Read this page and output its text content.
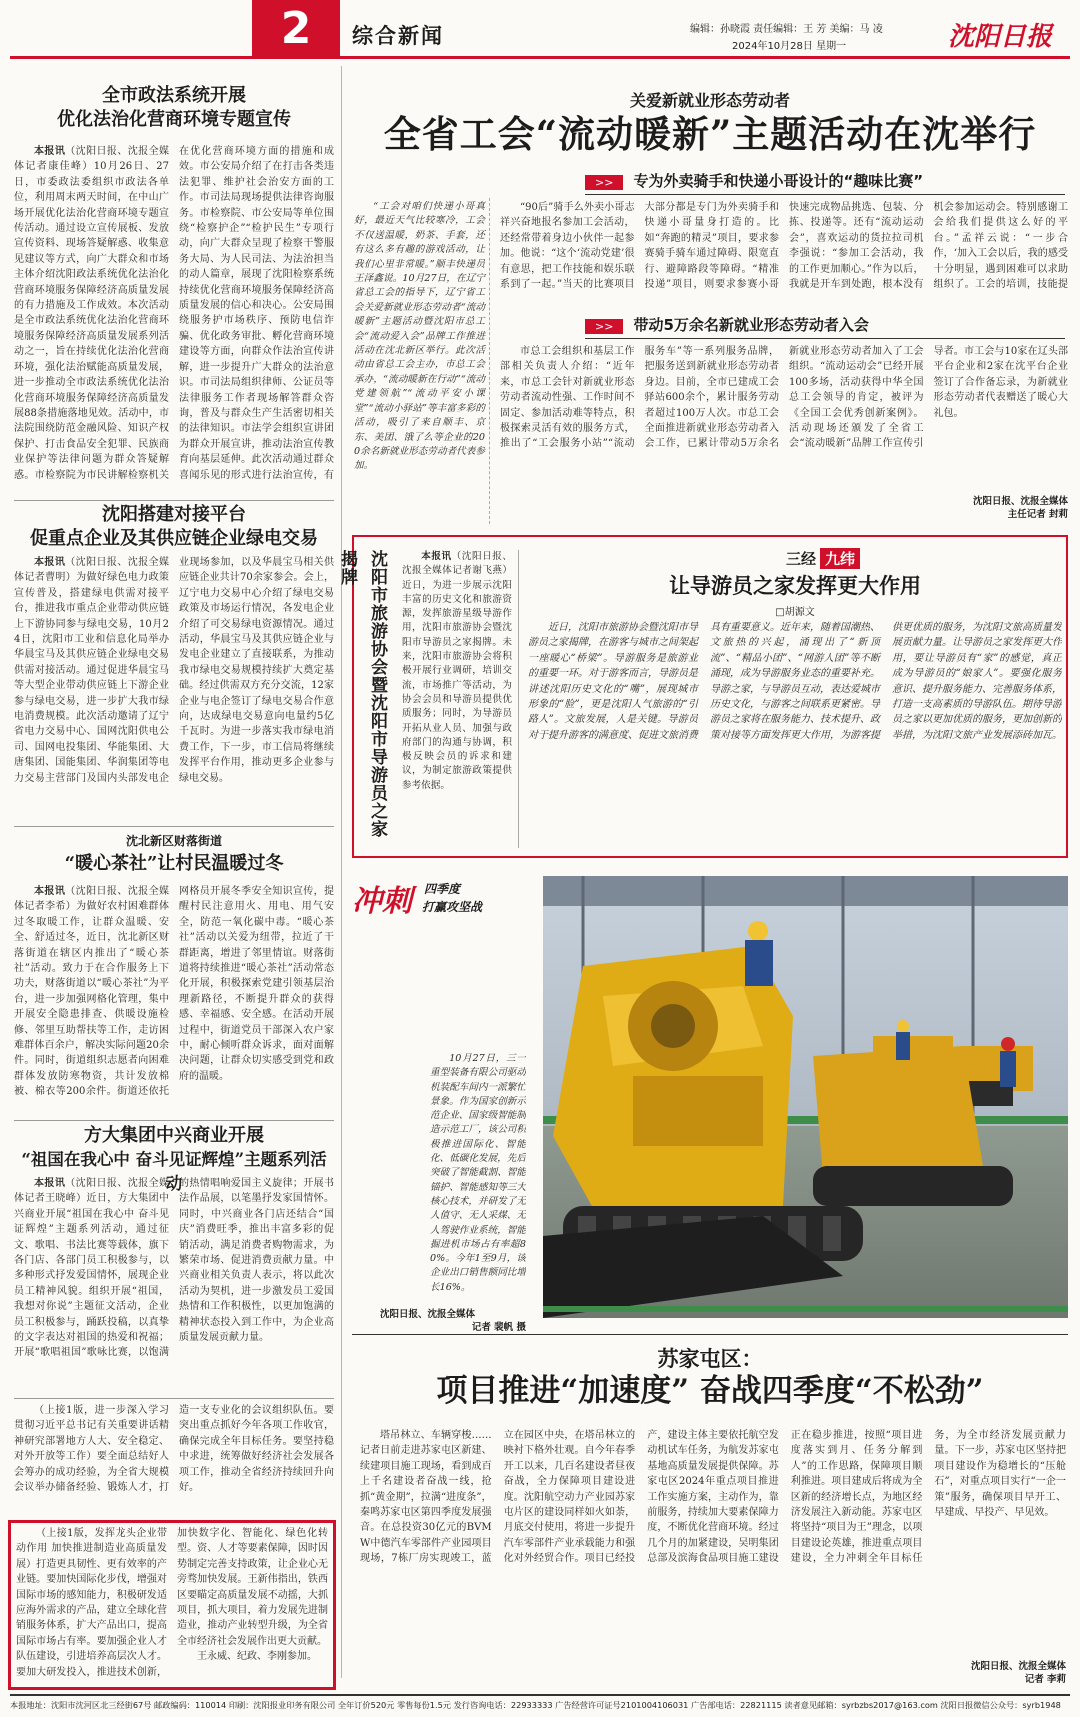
2	综合新闻	编辑：孙晓霞 责任编辑：王 芳 美编：马 凌
2024年10月28日 星期一	沈阳日报
全市政法系统开展
优化法治化营商环境专题宣传

本报讯（沈阳日报、沈报全媒体记者康佳峰）10月26日、27日，市委政法委组织市政法各单位，利用周末两天时间，在中山广场开展优化法治化营商环境专题宣传活动。通过设立宣传展板、发放宣传资料、现场答疑解惑、收集意见建议等方式，向广大群众和市场主体介绍沈阳政法系统优化法治化营商环境服务保障经济高质量发展的有力措施及工作成效。本次活动是全市政法系统优化法治化营商环境服务保障经济高质量发展系列活动之一，旨在持续优化法治化营商环境，强化法治赋能高质量发展，进一步推动全市政法系统优化法治化营商环境服务保障经济高质量发展88条措施落地见效。活动中，市法院围绕防范金融风险、知识产权保护、打击食品安全犯罪、民族商业保护等法律问题为群众答疑解惑。市检察院为市民讲解检察机关在优化营商环境方面的措施和成效。市公安局介绍了在打击各类违法犯罪、维护社会治安方面的工作。市司法局现场提供法律咨询服务。市检察院、市公安局等单位围绕“检察护企”“检护民生”专项行动，向广大群众呈现了检察干警服务大局、为人民司法、为法治担当的动人篇章，展现了沈阳检察系统持续优化营商环境服务保障经济高质量发展的信心和决心。公安局围绕服务护市场秩序、预防电信诈骗、优化政务审批、孵化营商环境建设等方面，向群众作法治宣传讲解，进一步提升广大群众的法治意识。市司法局组织律师、公证员等法律服务工作者现场解答群众咨询，普及与群众生产生活密切相关的法律知识。市法学会组织宣讲团为群众开展宣讲，推动法治宣传教育向基层延伸。此次活动通过群众喜闻乐见的形式进行法治宣传，有

沈阳搭建对接平台
促重点企业及其供应链企业绿电交易

本报讯（沈阳日报、沈报全媒体记者曹明）为做好绿色电力政策宣传普及，搭建绿电供需对接平台，推进我市重点企业带动供应链上下游协同参与绿电交易，10月24日，沈阳市工业和信息化局举办华晨宝马及其供应链企业绿电交易供需对接活动。通过促进华晨宝马等大型企业带动供应链上下游企业参与绿电交易，进一步扩大我市绿电消费规模。此次活动邀请了辽宁省电力交易中心、国网沈阳供电公司、国网电投集团、华能集团、大唐集团、国能集团、华润集团等电力交易主营部门及国内头部发电企业现场参加，以及华晨宝马相关供应链企业共计70余家参会。会上，辽宁电力交易中心介绍了绿电交易政策及市场运行情况，各发电企业介绍了可交易绿电资源情况。通过活动，华晨宝马及其供应链企业与发电企业建立了直接联系，为推动我市绿电交易规模持续扩大奠定基础。经过供需双方充分交流，12家企业与电企签订了绿电交易合作意向，达成绿电交易意向电量约5亿千瓦时。为进一步落实我市绿电消费工作，下一步，市工信局将继续发挥平台作用，推动更多企业参与绿电交易。

沈北新区财落街道
“暖心茶社”让村民温暖过冬

本报讯（沈阳日报、沈报全媒体记者李希）为做好农村困难群体过冬取暖工作，让群众温暖、安全、舒适过冬，近日，沈北新区财落街道在辖区内推出了“暖心茶社”活动。致力于在合作服务上下功夫，财落街道以“暖心茶社”为平台，进一步加强网格化管理，集中开展安全隐患排查、供暖设施检修、邻里互助帮扶等工作，走访困难群体百余户，解决实际问题20余件。同时，街道组织志愿者向困难群体发放防寒物资，共计发放棉被、棉衣等200余件。街道还依托网格员开展冬季安全知识宣传，提醒村民注意用火、用电、用气安全，防范一氧化碳中毒。“暖心茶社”活动以关爱为纽带，拉近了干群距离，增进了邻里情谊。财落街道将持续推进“暖心茶社”活动常态化开展，积极探索党建引领基层治理新路径，不断提升群众的获得感、幸福感、安全感。在活动开展过程中，街道党员干部深入农户家中，耐心倾听群众诉求，面对面解决问题，让群众切实感受到党和政府的温暖。

方大集团中兴商业开展
“祖国在我心中 奋斗见证辉煌”主题系列活动

本报讯（沈阳日报、沈报全媒体记者王晓峰）近日，方大集团中兴商业开展“祖国在我心中 奋斗见证辉煌”主题系列活动，通过征文、歌唱、书法比赛等载体，旗下各门店、各部门员工积极参与，以多种形式抒发爱国情怀，展现企业员工精神风貌。组织开展“祖国，我想对你说”主题征文活动，企业员工积极参与，踊跃投稿，以真挚的文字表达对祖国的热爱和祝福；开展“歌唱祖国”歌咏比赛，以饱满的热情唱响爱国主义旋律；开展书法作品展，以笔墨抒发家国情怀。同时，中兴商业各门店还结合“国庆”消费旺季，推出丰富多彩的促销活动，满足消费者购物需求，为繁荣市场、促进消费贡献力量。中兴商业相关负责人表示，将以此次活动为契机，进一步激发员工爱国热情和工作积极性，以更加饱满的精神状态投入到工作中，为企业高质量发展贡献力量。

（上接1版，进一步深入学习贯彻习近平总书记有关重要讲话精神研究部署地方人大、安全稳定、对外开放等工作）要全面总结好人会筹办的成功经验，为全省大规模会议举办储备经验、锻炼人才，打造一支专业化的会议组织队伍。要突出重点抓好今年各项工作收官，确保完成全年目标任务。要坚持稳中求进，统筹做好经济社会发展各项工作，推动全省经济持续回升向好。

（上接1版，发挥龙头企业带动作用 加快推进制造业高质量发展）打造更具韧性、更有效率的产业链。要加快国际化步伐，增强对国际市场的感知能力，积极研发适应海外需求的产品，建立全球化营销服务体系，扩大产品出口，提高国际市场占有率。要加强企业人才队伍建设，引进培养高层次人才。要加大研发投入，推进技术创新，加快数字化、智能化、绿色化转型。资、人才等要素保障，因时因势制定完善支持政策，让企业心无旁骛加快发展。王新伟指出，铁西区要瞄定高质量发展不动摇，大抓项目，抓大项目，着力发展先进制造业，推动产业转型升级，为全省全市经济社会发展作出更大贡献。

王永威、纪政、李刚参加。

关爱新就业形态劳动者
全省工会“流动暖新”主题活动在沈举行
>> 专为外卖骑手和快递小哥设计的“趣味比赛”

“工会对咱们快递小哥真好，最近天气比较寒冷，工会不仅送温暖，奶茶、手套，还有这么多有趣的游戏活动，让我们心里非常暖。”顺丰快递员王泽鑫说。10月27日，在辽宁省总工会的指导下，辽宁省工会关爱新就业形态劳动者“流动暖新”主题活动暨沈阳市总工会“流动爱入会”品牌工作推进活动在沈北新区举行。此次活动由省总工会主办，市总工会承办，“流动暖新在行动”“流动党建领航”“流动平安小课堂”“流动小驿站”等丰富多彩的活动，吸引了来自顺丰、京东、美团、饿了么等企业的200余名新就业形态劳动者代表参加。

“90后”骑手么外卖小哥志祥兴奋地报名参加工会活动，还经常带着身边小伙伴一起参加。他说：“这个‘流动党建’很有意思，把工作技能和娱乐联系到了一起。”当天的比赛项目大部分都是专门为外卖骑手和快递小哥量身打造的。比如“奔跑的精灵”项目，要求参赛骑手骑车通过障碍、限宽直行、避障路段等障碍。“精准投递”项目，则要求参赛小哥快速完成物品挑选、包装、分拣、投递等。还有“流动运动会”，喜欢运动的货拉拉司机李强说：“参加工会活动，我的工作更加顺心。”作为以后，我就是开车到处跑，根本没有机会参加运动会。特别感谢工会给我们提供这么好的平台。”孟祥云说：“一步合作，‘加入工会以后，我的感受十分明显，遇到困难可以求助组织了。工会的培训，技能提

>> 带动5万余名新就业形态劳动者入会

市总工会组织和基层工作部相关负责人介绍：“近年来，市总工会针对新就业形态劳动者流动性强、工作时间不固定、参加活动难等特点，积极探索灵活有效的服务方式，推出了“工会服务小站”“流动服务车”等一系列服务品牌，把服务送到新就业形态劳动者身边。目前，全市已建成工会驿站600余个，累计服务劳动者超过100万人次。市总工会全面推进新就业形态劳动者入会工作，已累计带动5万余名新就业形态劳动者加入了工会组织。“流动运动会”已经开展100多场，活动获得中华全国总工会领导的肯定，被评为《全国工会优秀创新案例》。活动现场还颁发了全省工会“流动暖新”品牌工作宣传引导者。市工会与10家在辽头部平台企业和2家在沈平台企业签订了合作备忘录，为新就业形态劳动者代表赠送了暖心大礼包。

沈阳日报、沈报全媒体
主任记者 封莉
沈阳市旅游协会暨沈阳市导游员之家揭牌	本报讯（沈阳日报、沈报全媒体记者谢飞燕）近日，为进一步展示沈阳丰富的历史文化和旅游资源，发挥旅游星级导游作用，沈阳市旅游协会暨沈阳市导游员之家揭牌。未来，沈阳市旅游协会将积极开展行业调研，培训交流，市场推广等活动，为协会会员和导游员提供优质服务；同时，为导游员开拓从业人员、加强与政府部门的沟通与协调，积极反映会员的诉求和建议，为制定旅游政策提供参考依据。

三经 九纬
让导游员之家发挥更大作用
□胡源文

近日，沈阳市旅游协会暨沈阳市导游员之家揭牌，在游客与城市之间架起一座暖心“桥梁”。导游服务是旅游业的重要一环。对于游客而言，导游员是讲述沈阳历史文化的“嘴”，展现城市形象的“脸”，更是沈阳人气旅游的“引路人”。文旅发展，人是关键。导游员对于提升游客的满意度、促进文旅消费具有重要意义。近年来，随着国潮热、文旅热的兴起，涌现出了“新顶流”、“精品小团”、“网游人团”等不断涌现，成为导游服务业态的重要补充。导游之家，与导游员互动，表达爱城市历史文化，与游客之间联系更紧密。导游员之家将在服务能力、技术提升、政策对接等方面发挥更大作用，为游客提供更优质的服务，为沈阳文旅高质量发展贡献力量。让导游员之家发挥更大作用，要让导游员有“家”的感觉，真正成为导游员的“娘家人”。要强化服务意识、提升服务能力、完善服务体系，打造一支高素质的导游队伍。期待导游员之家以更加优质的服务，更加创新的举措，为沈阳文旅产业发展添砖加瓦。

冲刺 四季度
打赢攻坚战

10月27日，三一重型装备有限公司驱动机装配车间内一派繁忙景象。作为国家创新示范企业、国家级智能制造示范工厂，该公司积极推进国际化、智能化、低碳化发展，先后突破了智能截割、智能锚护、智能感知等三大核心技术，并研发了无人值守、无人采煤、无人驾驶作业系统，智能掘进机市场占有率超80%。今年1至9月，该企业出口销售额同比增长16%。

沈阳日报、沈报全媒体
记者 裴帆 摄
苏家屯区：
项目推进“加速度” 奋战四季度“不松劲”

塔吊林立、车辆穿梭……记者日前走进苏家屯区新建、续建项目施工现场，看到成百上千名建设者奋战一线，抢抓“黄金期”，拉满“进度条”，秦鸣苏家屯区第四季度发展强音。在总投资30亿元的BVMW中德汽车零部件产业园项目现场，7栋厂房实现竣工，蓝立在园区中央，在塔吊林立的映衬下格外壮观。自今年春季开工以来，几百名建设者昼夜奋战，全力保障项目建设进度。沈阳航空动力产业园苏家屯片区的建设同样如火如荼，月底交付使用，将进一步提升汽车零部件产业承载能力和强化对外经贸合作。项目已经投产，建设主体主要依托航空发动机试车任务，为航发苏家屯基地高质量发展提供保障。苏家屯区2024年重点项目推进工作实施方案，主动作为，靠前服务，持续加大要素保障力度，不断优化营商环境。经过几个月的加紧建设，吴明集团总部及滨海食品项目施工建设正在稳步推进，按照“项目进度落实到月、任务分解到人”的工作思路，保障项目顺利推进。项目建成后将成为全区新的经济增长点，为地区经济发展注入新动能。苏家屯区将坚持“项目为王”理念，以项目建设论英雄，推进重点项目建设，全力冲刺全年目标任务，为全市经济发展贡献力量。下一步，苏家屯区坚持把项目建设作为稳增长的“压舱石”，对重点项目实行“一企一策”服务，确保项目早开工、早建成、早投产、早见效。

沈阳日报、沈报全媒体
记者 李莉
本报地址：沈阳市沈河区北三经街67号 邮政编码：110014 印刷：沈阳报业印务有限公司 全年订价520元 零售每份1.5元 发行咨询电话：22933333 广告经营许可证号2101004106031 广告部电话：22821115 读者意见邮箱：syrbzbs2017@163.com 沈阳日报微信公众号：syrb1948
